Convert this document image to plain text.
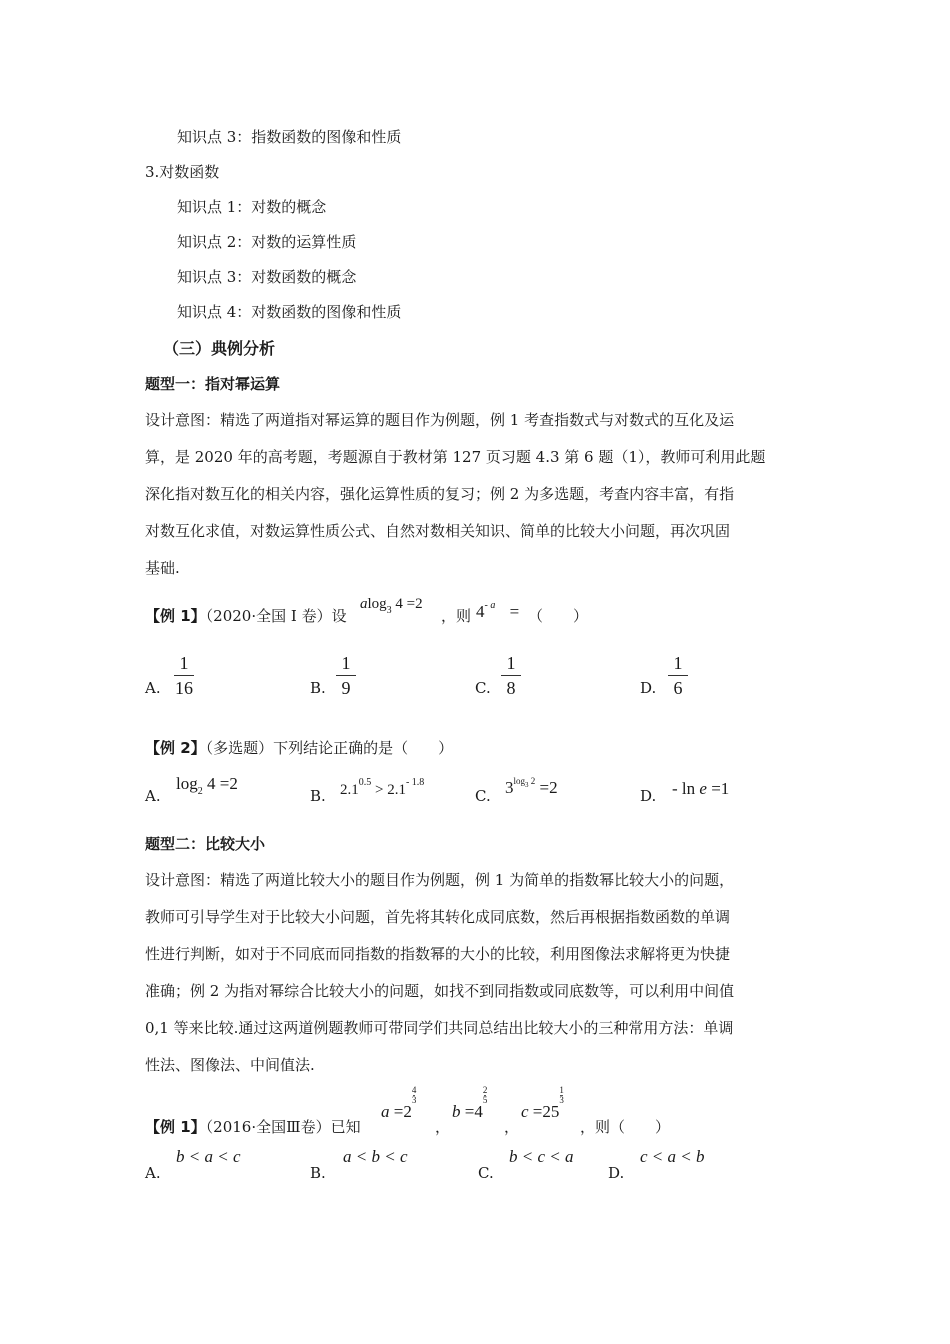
知识点 3：指数函数的图像和性质
3.对数函数
知识点 1：对数的概念
知识点 2：对数的运算性质
知识点 3：对数函数的概念
知识点 4：对数函数的图像和性质
（三）典例分析
题型一：指对幂运算
设计意图：精选了两道指对幂运算的题目作为例题，例 1 考查指数式与对数式的互化及运
算，是 2020 年的高考题，考题源自于教材第 127 页习题 4.3 第 6 题（1），教师可利用此题
深化指对数互化的相关内容，强化运算性质的复习；例 2 为多选题，考查内容丰富，有指
对数互化求值，对数运算性质公式、自然对数相关知识、简单的比较大小问题，再次巩固
基础.
【例 1】（2020·全国 I 卷）设
alog$_3$ 4 =2
，则 $4^{- a}$ = （　　）
A.
1
16	B.
1
9	C.
1
8	D.
1
6
【例 2】（多选题）下列结论正确的是（　　）
A.
$\log_2 4 =2$
B. $2.1^{0.5} > 2.1^{- 1.8}$
C. $3^{log_3 2} =2$	D. - ln e =1
题型二：比较大小
设计意图：精选了两道比较大小的题目作为例题，例 1 为简单的指数幂比较大小的问题，
教师可引导学生对于比较大小问题，首先将其转化成同底数，然后再根据指数函数的单调
性进行判断，如对于不同底而同指数的指数幂的大小的比较，利用图像法求解将更为快捷
准确；例 2 为指对幂综合比较大小的问题，如找不到同指数或同底数等，可以利用中间值
0,1 等来比较.通过这两道例题教师可带同学们共同总结出比较大小的三种常用方法：单调
性法、图像法、中间值法.
【例 1】（2016·全国Ⅲ卷）已知
$a =2\frac{4}{3}$
，
$b =4\frac{2}{5}$
，
$c =25\frac{1}{3}$
，则（　　）
A.
b < a < c
B.
a < b < c
C.
b < c < a
D.
c < a < b
